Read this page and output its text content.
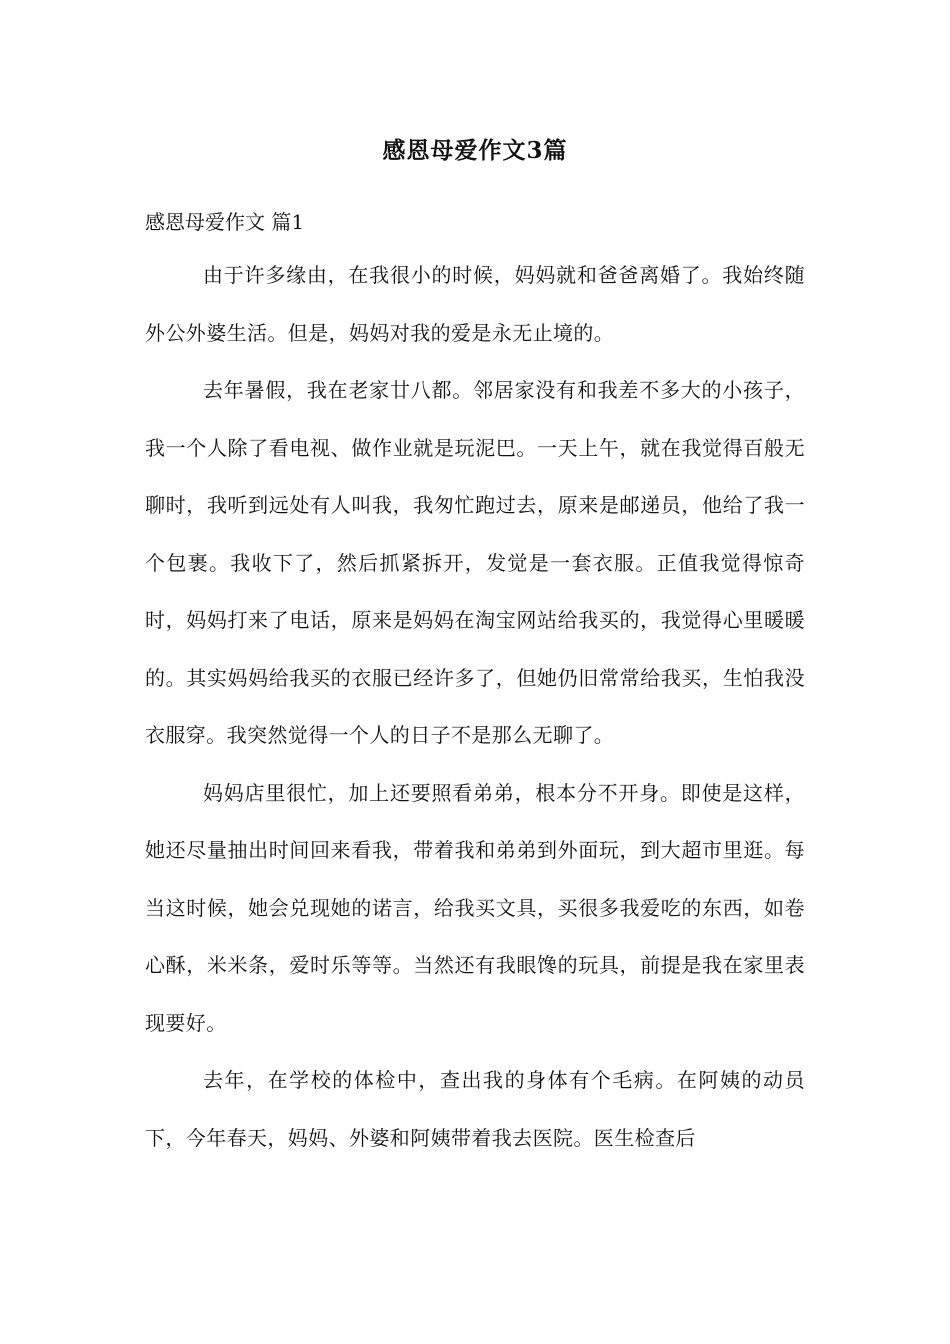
感恩母爱作文3篇
感恩母爱作文 篇1

由于许多缘由，在我很小的时候，妈妈就和爸爸离婚了。我始终随外公外婆生活。但是，妈妈对我的爱是永无止境的。

去年暑假，我在老家廿八都。邻居家没有和我差不多大的小孩子，我一个人除了看电视、做作业就是玩泥巴。一天上午，就在我觉得百般无聊时，我听到远处有人叫我，我匆忙跑过去，原来是邮递员，他给了我一个包裹。我收下了，然后抓紧拆开，发觉是一套衣服。正值我觉得惊奇时，妈妈打来了电话，原来是妈妈在淘宝网站给我买的，我觉得心里暖暖的。其实妈妈给我买的衣服已经许多了，但她仍旧常常给我买，生怕我没衣服穿。我突然觉得一个人的日子不是那么无聊了。

妈妈店里很忙，加上还要照看弟弟，根本分不开身。即使是这样，她还尽量抽出时间回来看我，带着我和弟弟到外面玩，到大超市里逛。每当这时候，她会兑现她的诺言，给我买文具，买很多我爱吃的东西，如卷心酥，米米条，爱时乐等等。当然还有我眼馋的玩具，前提是我在家里表现要好。

去年，在学校的体检中，查出我的身体有个毛病。在阿姨的动员下，今年春天，妈妈、外婆和阿姨带着我去医院。医生检查后
